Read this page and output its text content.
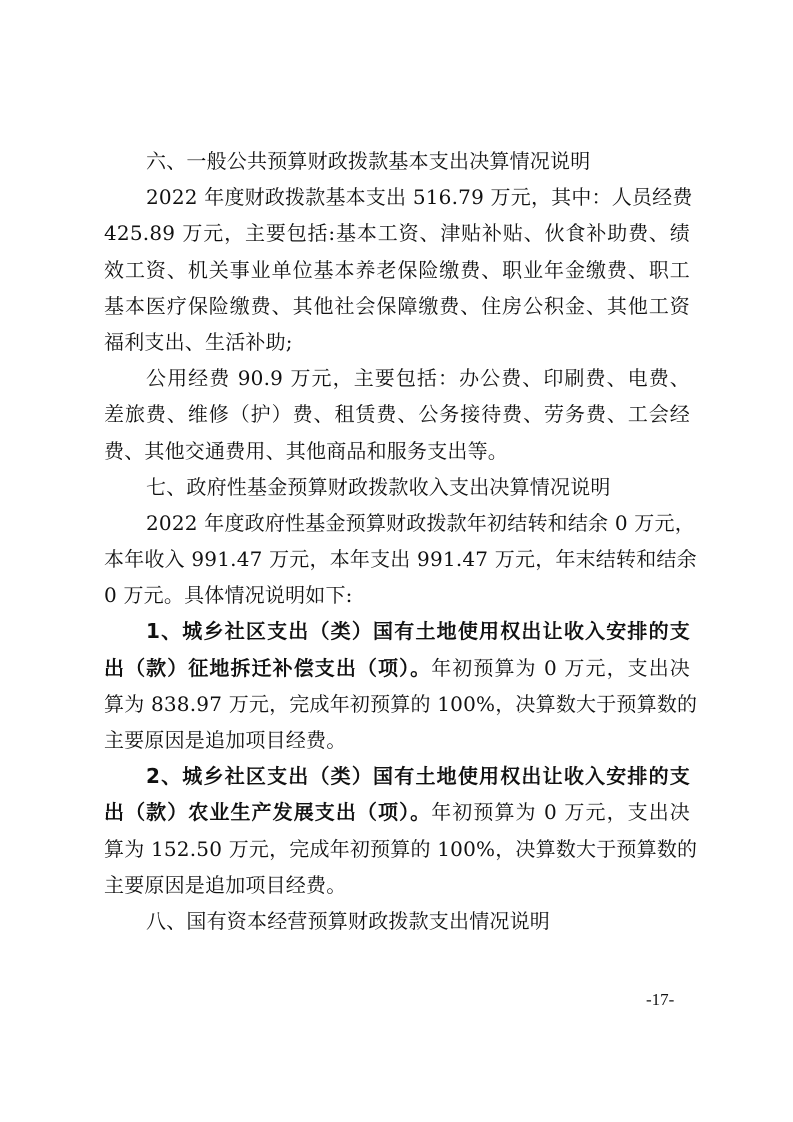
六、一般公共预算财政拨款基本支出决算情况说明
2022 年度财政拨款基本支出 516.79 万元，其中：人员经费
425.89 万元，主要包括:基本工资、津贴补贴、伙食补助费、绩
效工资、机关事业单位基本养老保险缴费、职业年金缴费、职工
基本医疗保险缴费、其他社会保障缴费、住房公积金、其他工资
福利支出、生活补助;
公用经费 90.9 万元，主要包括：办公费、印刷费、电费、
差旅费、维修（护）费、租赁费、公务接待费、劳务费、工会经
费、其他交通费用、其他商品和服务支出等。
七、政府性基金预算财政拨款收入支出决算情况说明
2022 年度政府性基金预算财政拨款年初结转和结余 0 万元，
本年收入 991.47 万元，本年支出 991.47 万元，年末结转和结余
0 万元。具体情况说明如下:
1、城乡社区支出（类）国有土地使用权出让收入安排的支
出（款）征地拆迁补偿支出（项）。年初预算为 0 万元，支出决
算为 838.97 万元，完成年初预算的 100%，决算数大于预算数的
主要原因是追加项目经费。
2、城乡社区支出（类）国有土地使用权出让收入安排的支
出（款）农业生产发展支出（项）。年初预算为 0 万元，支出决
算为 152.50 万元，完成年初预算的 100%，决算数大于预算数的
主要原因是追加项目经费。
八、国有资本经营预算财政拨款支出情况说明
-17-
